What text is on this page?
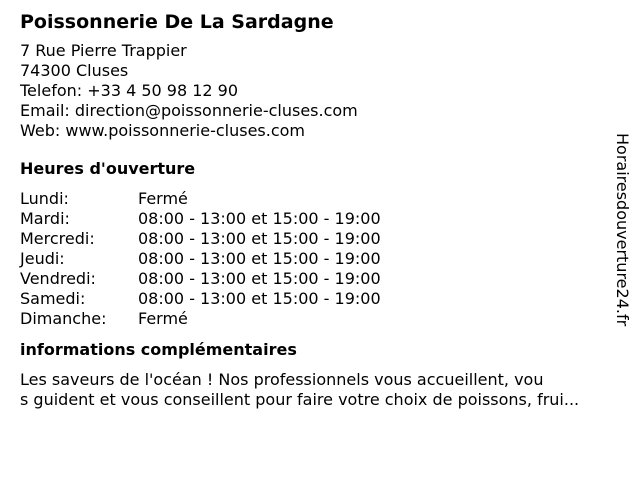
Poissonnerie De La Sardagne
7 Rue Pierre Trappier
74300 Cluses
Telefon: +33 4 50 98 12 90
Email: direction@poissonnerie-cluses.com
Web: www.poissonnerie-cluses.com
Heures d'ouverture
Lundi:	Fermé
Mardi:	08:00 - 13:00 et 15:00 - 19:00
Mercredi:	08:00 - 13:00 et 15:00 - 19:00
Jeudi:	08:00 - 13:00 et 15:00 - 19:00
Vendredi:	08:00 - 13:00 et 15:00 - 19:00
Samedi:	08:00 - 13:00 et 15:00 - 19:00
Dimanche: Fermé
informations complémentaires
Les saveurs de l'océan ! Nos professionnels vous accueillent, vou
s guident et vous conseillent pour faire votre choix de poissons, frui...
Horairesdouverture24.fr
